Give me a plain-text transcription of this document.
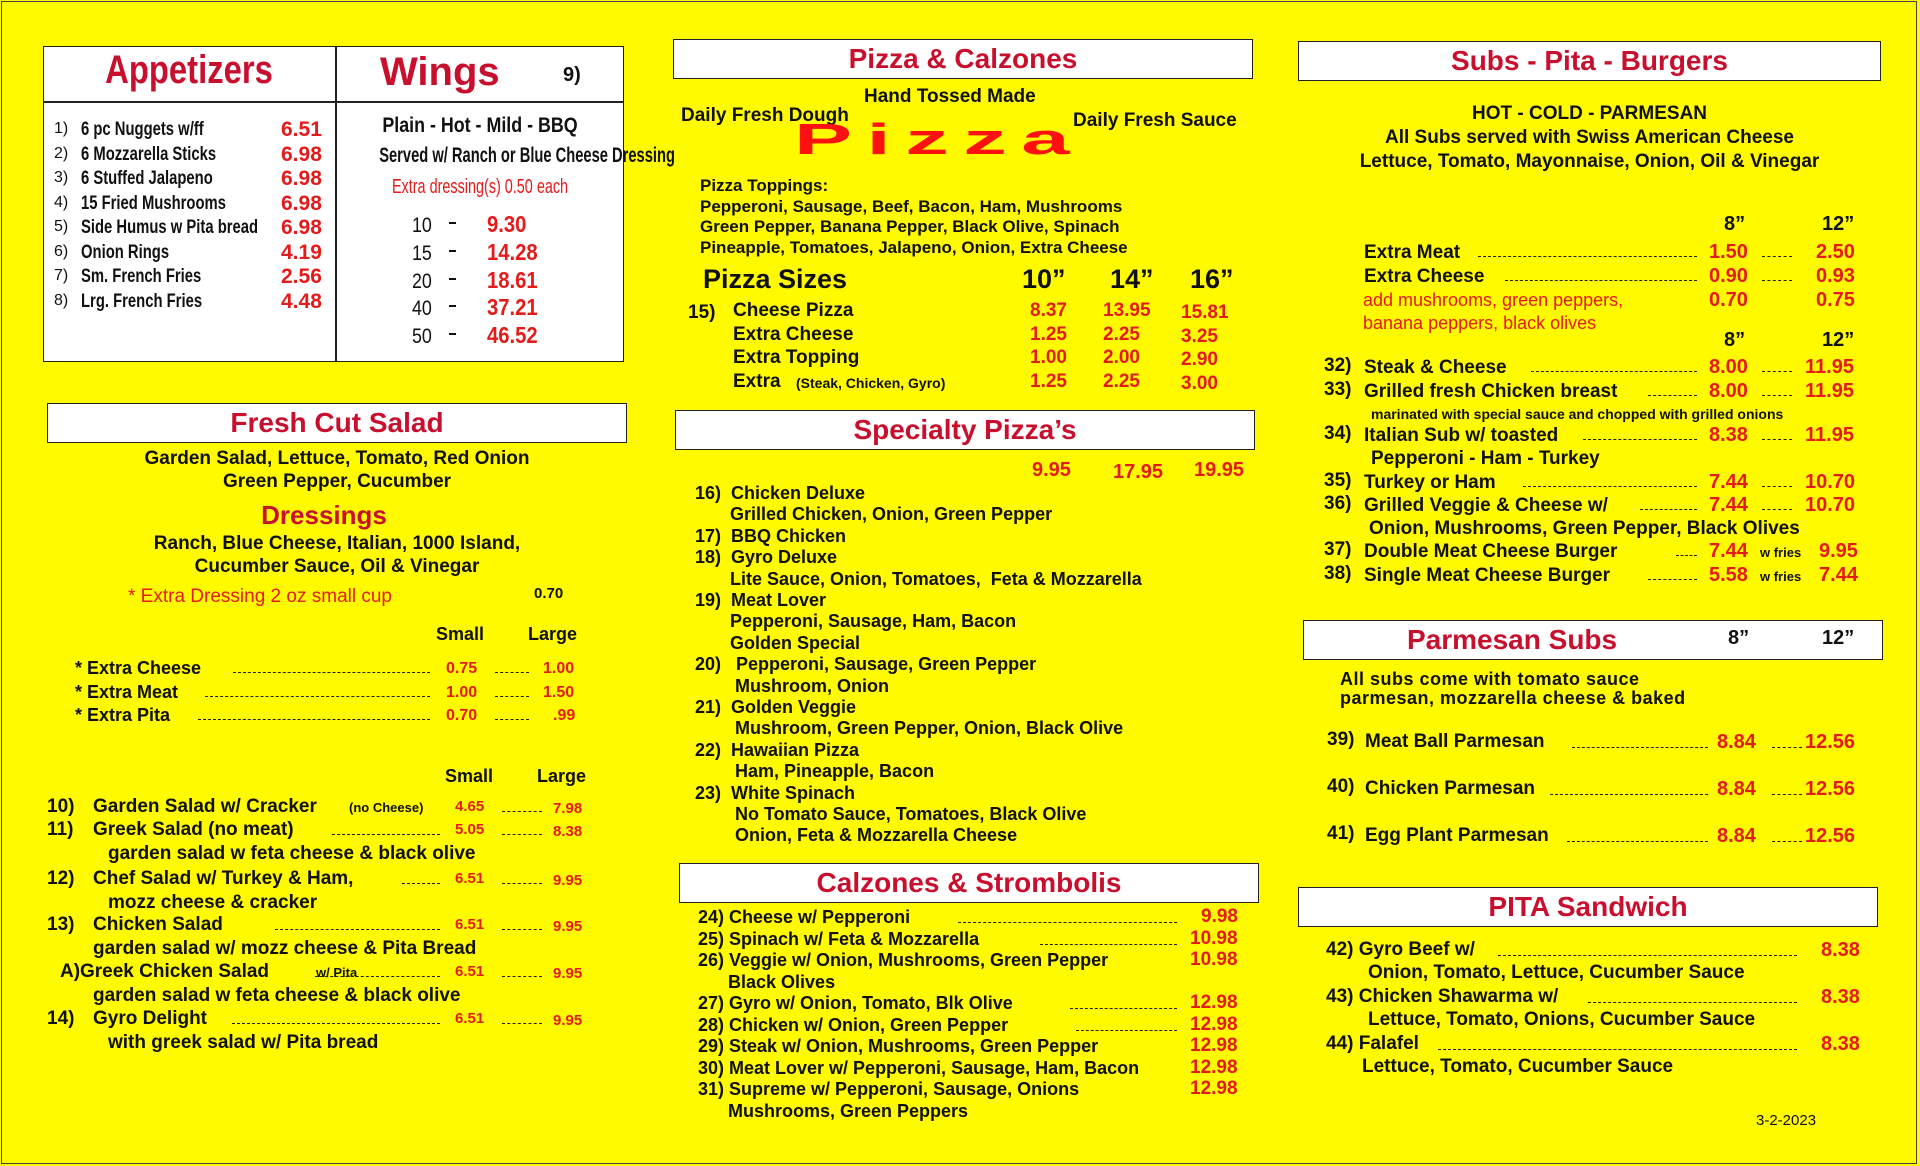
Appetizers	Wings	9)
1) 6 pc Nuggets w/ff	6.51
2) 6 Mozzarella Sticks	6.98
3) 6 Stuffed Jalapeno	6.98
4) 15 Fried Mushrooms	6.98
5) Side Humus w Pita bread 6.98
6) Onion Rings	4.19
7) Sm. French Fries	2.56
8) Lrg. French Fries	4.48
Plain - Hot - Mild - BBQ
Served w/ Ranch or Blue Cheese Dressing
Extra dressing(s) 0.50 each
10 9.30
15 14.28
20 18.61
40 37.21
50 46.52
Fresh Cut Salad
Garden Salad, Lettuce, Tomato, Red Onion
Green Pepper, Cucumber
Dressings
Ranch, Blue Cheese, Italian, 1000 Island,
Cucumber Sauce, Oil & Vinegar
* Extra Dressing 2 oz small cup	0.70
Small Large
* Extra Cheese	0.75	1.00
* Extra Meat	1.00	1.50
* Extra Pita	0.70	.99
Small Large
10) Garden Salad w/ Cracker (no Cheese) 4.65	7.98
11) Greek Salad (no meat)	5.05	8.38
garden salad w feta cheese & black olive
12) Chef Salad w/ Turkey & Ham,	6.51	9.95
mozz cheese & cracker
13) Chicken Salad	6.51	9.95
garden salad w/ mozz cheese & Pita Bread
A) Greek Chicken Salad	w/ Pita	6.51	9.95
garden salad w feta cheese & black olive
14) Gyro Delight	6.51	9.95
with greek salad w/ Pita bread
Pizza & Calzones
Hand Tossed Made
Daily Fresh Dough	Daily Fresh Sauce
Pizza
Pizza Toppings:
Pepperoni, Sausage, Beef, Bacon, Ham, Mushrooms
Green Pepper, Banana Pepper, Black Olive, Spinach
Pineapple, Tomatoes, Jalapeno, Onion, Extra Cheese
Pizza Sizes	10” 14” 16”
15) Cheese Pizza	8.37 13.95 15.81
Extra Cheese	1.25 2.25 3.25
Extra Topping	1.00 2.00 2.90
Extra (Steak, Chicken, Gyro)	1.25 2.25 3.00
Specialty Pizza’s
9.95 17.95 19.95
16)  Chicken Deluxe
Grilled Chicken, Onion, Green Pepper
17)  BBQ Chicken
18)  Gyro Deluxe
Lite Sauce, Onion, Tomatoes,  Feta & Mozzarella
19)  Meat Lover
Pepperoni, Sausage, Ham, Bacon
Golden Special
20)   Pepperoni, Sausage, Green Pepper
Mushroom, Onion
21)  Golden Veggie
Mushroom, Green Pepper, Onion, Black Olive
22)  Hawaiian Pizza
Ham, Pineapple, Bacon
23)  White Spinach
No Tomato Sauce, Tomatoes, Black Olive
Onion, Feta & Mozzarella Cheese
Calzones & Strombolis
24) Cheese w/ Pepperoni	9.98
25) Spinach w/ Feta & Mozzarella	10.98
26) Veggie w/ Onion, Mushrooms, Green Pepper	10.98
Black Olives
27) Gyro w/ Onion, Tomato, Blk Olive	12.98
28) Chicken w/ Onion, Green Pepper	12.98
29) Steak w/ Onion, Mushrooms, Green Pepper	12.98
30) Meat Lover w/ Pepperoni, Sausage, Ham, Bacon	12.98
31) Supreme w/ Pepperoni, Sausage, Onions	12.98
Mushrooms, Green Peppers
Subs - Pita - Burgers
HOT - COLD - PARMESAN
All Subs served with Swiss American Cheese
Lettuce, Tomato, Mayonnaise, Onion, Oil & Vinegar
8”	12”
Extra Meat	1.50	2.50
Extra Cheese	0.90	0.93
add mushrooms, green peppers,
banana peppers, black olives
0.70	0.75
8”	12”
32) Steak & Cheese	8.00	11.95
33) Grilled fresh Chicken breast	8.00	11.95
34) Italian Sub w/ toasted	8.38	11.95
35) Turkey or Ham	7.44	10.70
36) Grilled Veggie & Cheese w/	7.44	10.70
37) Double Meat Cheese Burger	7.44 w fries 9.95
38) Single Meat Cheese Burger	5.58 w fries 7.44
marinated with special sauce and chopped with grilled onions
Pepperoni - Ham - Turkey
Onion, Mushrooms, Green Pepper, Black Olives
Parmesan Subs	8”	12”
All subs come with tomato sauce
parmesan, mozzarella cheese & baked
39) Meat Ball Parmesan	8.84 12.56
40) Chicken Parmesan	8.84 12.56
41) Egg Plant Parmesan	8.84 12.56
PITA Sandwich
42) Gyro Beef w/	8.38
Onion, Tomato, Lettuce, Cucumber Sauce
43) Chicken Shawarma w/	8.38
Lettuce, Tomato, Onions, Cucumber Sauce
44) Falafel	8.38
Lettuce, Tomato, Cucumber Sauce
3-2-2023
